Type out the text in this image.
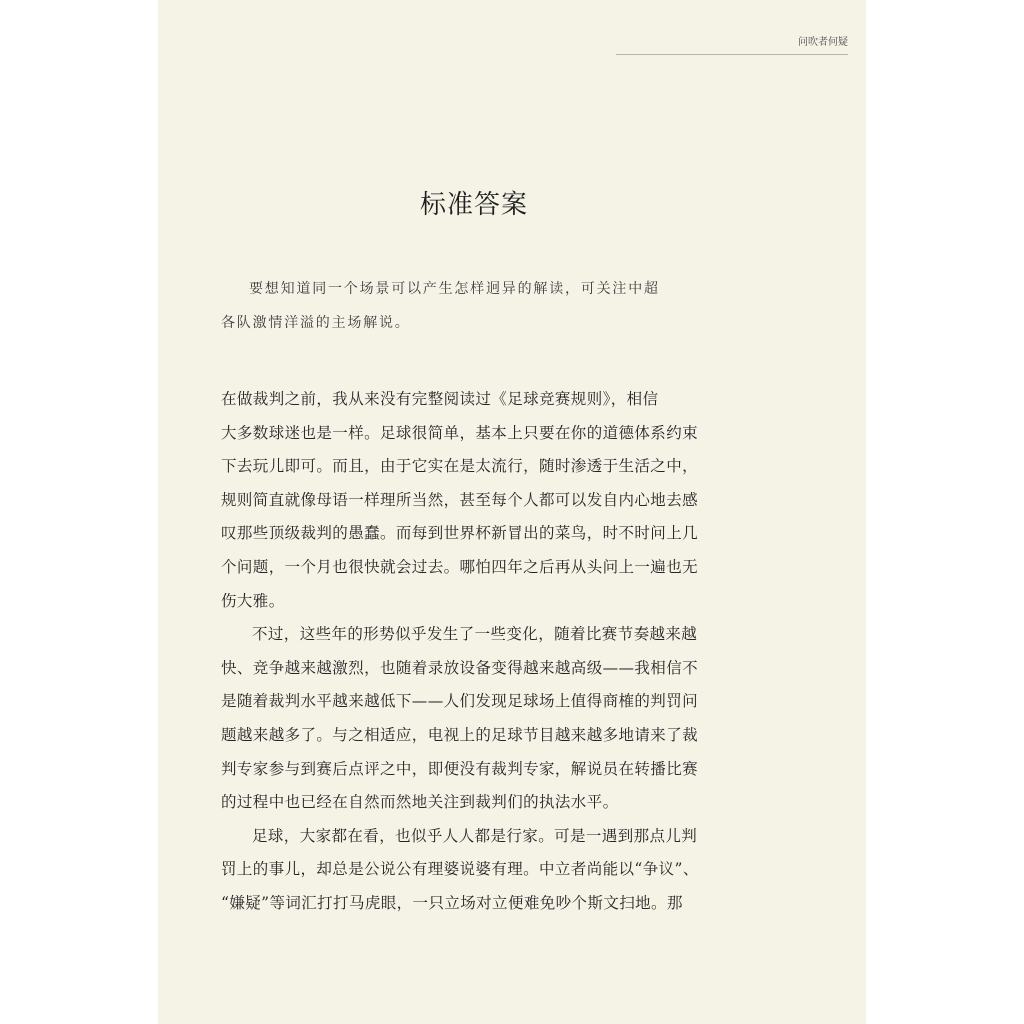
问吹者何疑
标准答案

要想知道同一个场景可以产生怎样迥异的解读，可关注中超

各队激情洋溢的主场解说。

在做裁判之前，我从来没有完整阅读过《足球竞赛规则》，相信
大多数球迷也是一样。足球很简单，基本上只要在你的道德体系约束
下去玩儿即可。而且，由于它实在是太流行，随时渗透于生活之中，
规则简直就像母语一样理所当然，甚至每个人都可以发自内心地去感
叹那些顶级裁判的愚蠢。而每到世界杯新冒出的菜鸟，时不时问上几
个问题，一个月也很快就会过去。哪怕四年之后再从头问上一遍也无
伤大雅。

不过，这些年的形势似乎发生了一些变化，随着比赛节奏越来越
快、竞争越来越激烈，也随着录放设备变得越来越高级——我相信不
是随着裁判水平越来越低下——人们发现足球场上值得商榷的判罚问
题越来越多了。与之相适应，电视上的足球节目越来越多地请来了裁
判专家参与到赛后点评之中，即便没有裁判专家，解说员在转播比赛
的过程中也已经在自然而然地关注到裁判们的执法水平。

足球，大家都在看，也似乎人人都是行家。可是一遇到那点儿判
罚上的事儿，却总是公说公有理婆说婆有理。中立者尚能以“争议”、
“嫌疑”等词汇打打马虎眼，一只立场对立便难免吵个斯文扫地。那
